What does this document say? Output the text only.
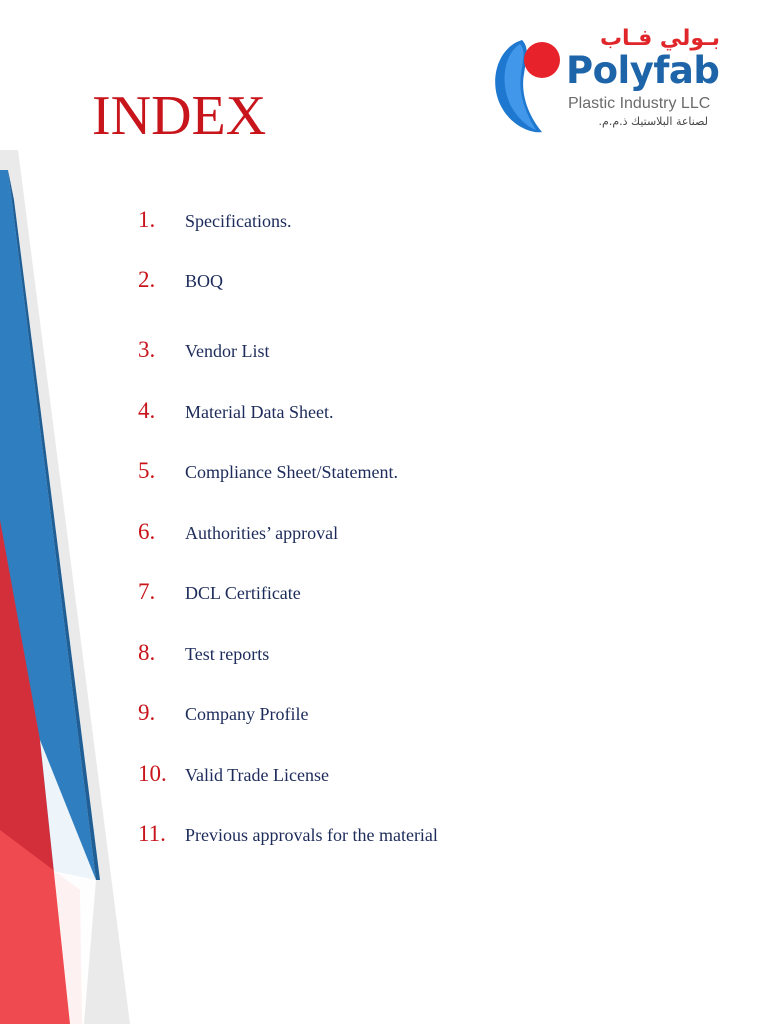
INDEX
بـولي فـاب
Polyfab
Plastic Industry LLC
لصناعة البلاستيك ذ.م.م.
1. Specifications.
2. BOQ
3. Vendor List
4. Material Data Sheet.
5. Compliance Sheet/Statement.
6. Authorities’ approval
7. DCL Certificate
8. Test reports
9. Company Profile
10. Valid Trade License
11. Previous approvals for the material
